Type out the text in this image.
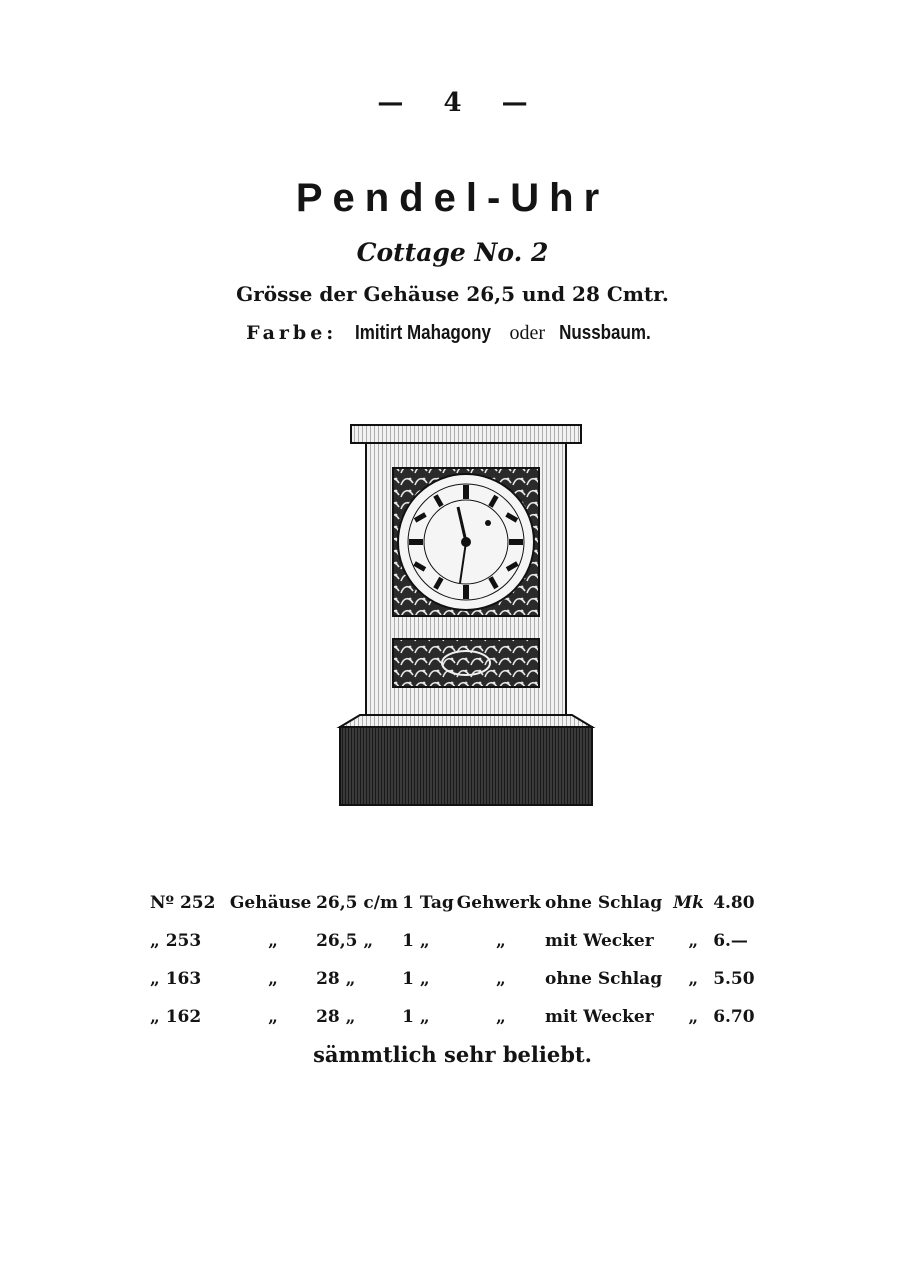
— 4 —
Pendel-Uhr
Cottage No. 2
Grösse der Gehäuse 26,5 und 28 Cmtr.
Farbe: Imitirt Mahagony oder Nussbaum.
Nº 252	Gehäuse	26,5 c/m	1 Tag	Gehwerk	ohne Schlag	Mk	4.80
„ 253	„	26,5 „	1 „	„	mit Wecker	„	6.—
„ 163	„	28 „	1 „	„	ohne Schlag	„	5.50
„ 162	„	28 „	1 „	„	mit Wecker	„	6.70
sämmtlich sehr beliebt.
